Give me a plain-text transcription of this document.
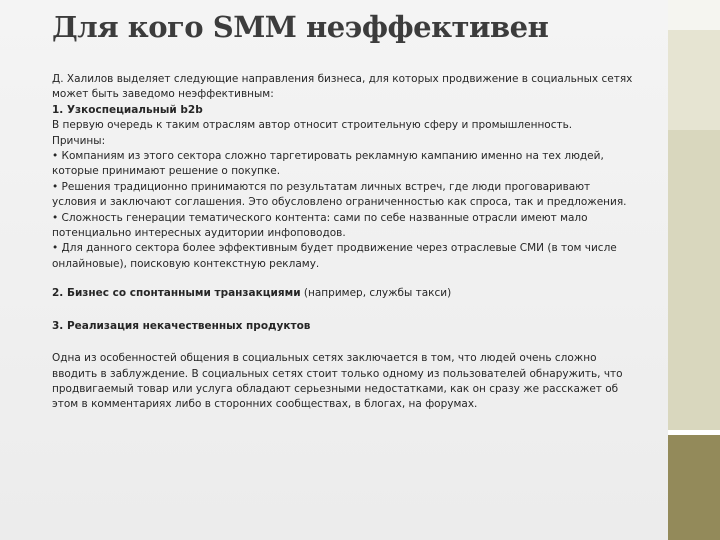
Для кого SMM неэффективен

Д. Халилов выделяет следующие направления бизнеса, для которых продвижение в социальных сетях может быть заведомо неэффективным:

1. Узкоспециальный b2b

В первую очередь к таким отраслям автор относит строительную сферу и промышленность.

Причины:

• Компаниям из этого сектора сложно таргетировать рекламную кампанию именно на тех людей, которые принимают решение о покупке.

• Решения традиционно принимаются по результатам личных встреч, где люди проговаривают условия и заключают соглашения. Это обусловлено ограниченностью как спроса, так и предложения.

• Сложность генерации тематического контента: сами по себе названные отрасли имеют мало потенциально интересных аудитории инфоповодов.

• Для данного сектора более эффективным будет продвижение через отраслевые СМИ (в том числе онлайновые), поисковую контекстную рекламу.

2. Бизнес со спонтанными транзакциями (например, службы такси)

3. Реализация некачественных продуктов

Одна из особенностей общения в социальных сетях заключается в том, что людей очень сложно вводить в заблуждение. В социальных сетях стоит только одному из пользователей обнаружить, что продвигаемый товар или услуга обладают серьезными недостатками, как он сразу же расскажет об этом в комментариях либо в сторонних сообществах, в блогах, на форумах.
